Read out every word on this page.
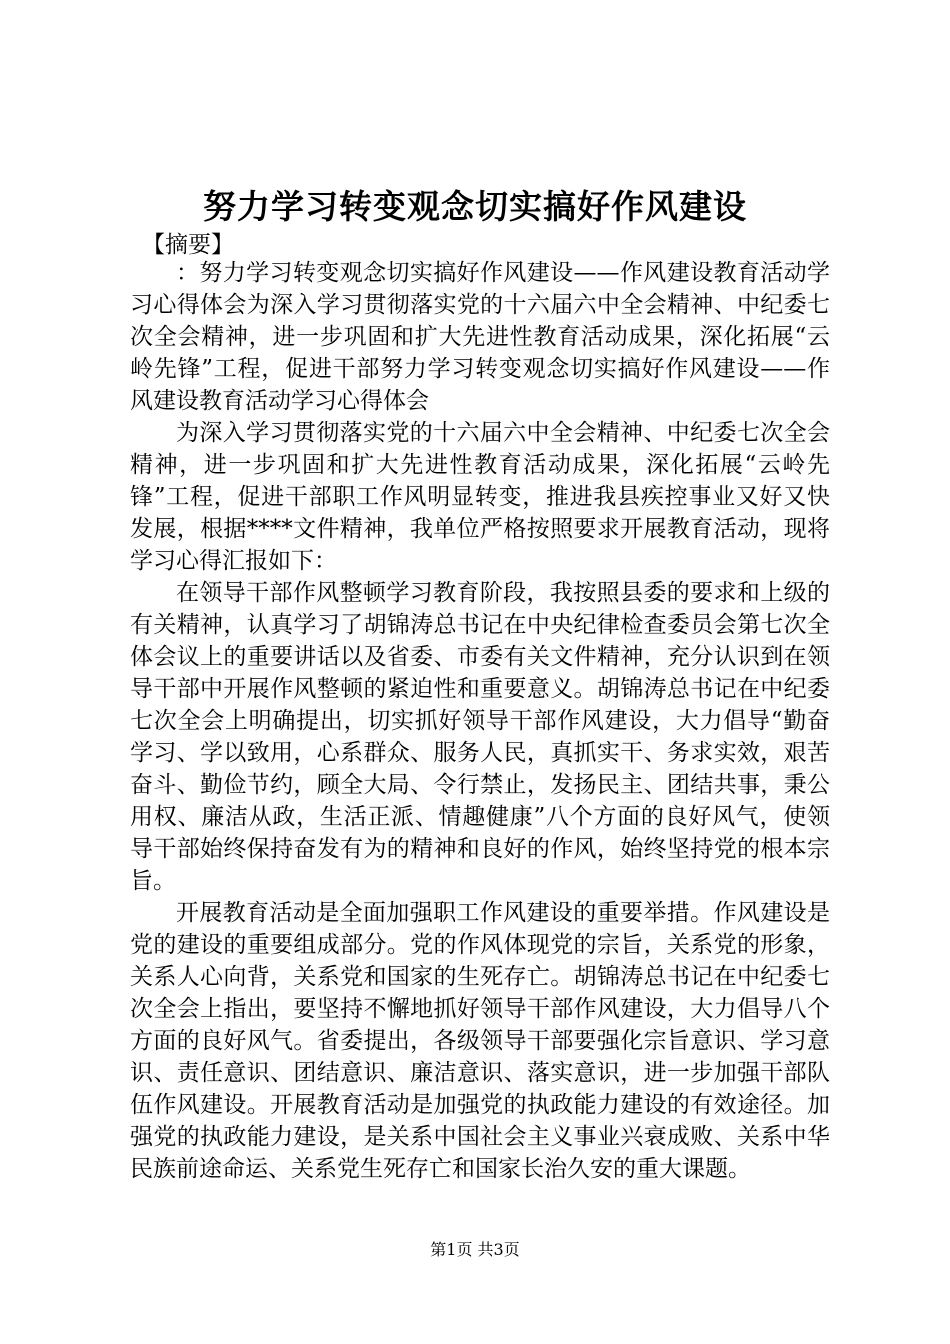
努力学习转变观念切实搞好作风建设
【摘要】

：努力学习转变观念切实搞好作风建设——作风建设教育活动学习心得体会为深入学习贯彻落实党的十六届六中全会精神、中纪委七次全会精神，进一步巩固和扩大先进性教育活动成果，深化拓展“云岭先锋”工程，促进干部努力学习转变观念切实搞好作风建设——作风建设教育活动学习心得体会

为深入学习贯彻落实党的十六届六中全会精神、中纪委七次全会精神，进一步巩固和扩大先进性教育活动成果，深化拓展“云岭先锋”工程，促进干部职工作风明显转变，推进我县疾控事业又好又快发展，根据****文件精神，我单位严格按照要求开展教育活动，现将学习心得汇报如下：

在领导干部作风整顿学习教育阶段，我按照县委的要求和上级的有关精神，认真学习了胡锦涛总书记在中央纪律检查委员会第七次全体会议上的重要讲话以及省委、市委有关文件精神，充分认识到在领导干部中开展作风整顿的紧迫性和重要意义。胡锦涛总书记在中纪委七次全会上明确提出，切实抓好领导干部作风建设，大力倡导“勤奋学习、学以致用，心系群众、服务人民，真抓实干、务求实效，艰苦奋斗、勤俭节约，顾全大局、令行禁止，发扬民主、团结共事，秉公用权、廉洁从政，生活正派、情趣健康”八个方面的良好风气，使领导干部始终保持奋发有为的精神和良好的作风，始终坚持党的根本宗旨。

开展教育活动是全面加强职工作风建设的重要举措。作风建设是党的建设的重要组成部分。党的作风体现党的宗旨，关系党的形象，关系人心向背，关系党和国家的生死存亡。胡锦涛总书记在中纪委七次全会上指出，要坚持不懈地抓好领导干部作风建设，大力倡导八个方面的良好风气。省委提出，各级领导干部要强化宗旨意识、学习意识、责任意识、团结意识、廉洁意识、落实意识，进一步加强干部队伍作风建设。开展教育活动是加强党的执政能力建设的有效途径。加强党的执政能力建设，是关系中国社会主义事业兴衰成败、关系中华民族前途命运、关系党生死存亡和国家长治久安的重大课题。

第1页 共3页
